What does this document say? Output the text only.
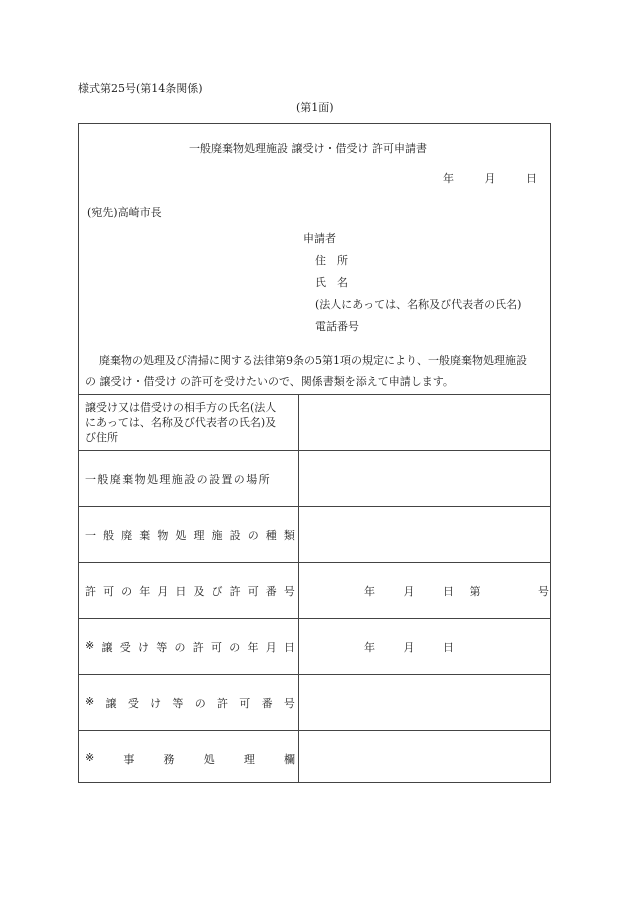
様式第25号(第14条関係)
(第1面)
一般廃棄物処理施設 譲受け・借受け 許可申請書
年	月	日
(宛先)高崎市長
申請者
住　所
氏　名
(法人にあっては、名称及び代表者の氏名)
電話番号
廃棄物の処理及び清掃に関する法律第9条の5第1項の規定により、一般廃棄物処理施設
の 譲受け・借受け の許可を受けたいので、関係書類を添えて申請します。
譲受け又は借受けの相手方の氏名(法人
にあっては、名称及び代表者の氏名)及
び住所
一般廃棄物処理施設の設置の場所
一 般 廃 棄 物 処 理 施 設 の 種 類
許 可 の 年 月 日 及 び 許 可 番 号	年	月	日 第	号
※ 譲 受 け 等 の 許 可 の 年 月 日	年	月	日
※ 譲 受 け 等 の 許 可 番 号
※	事	務	処	理	欄
